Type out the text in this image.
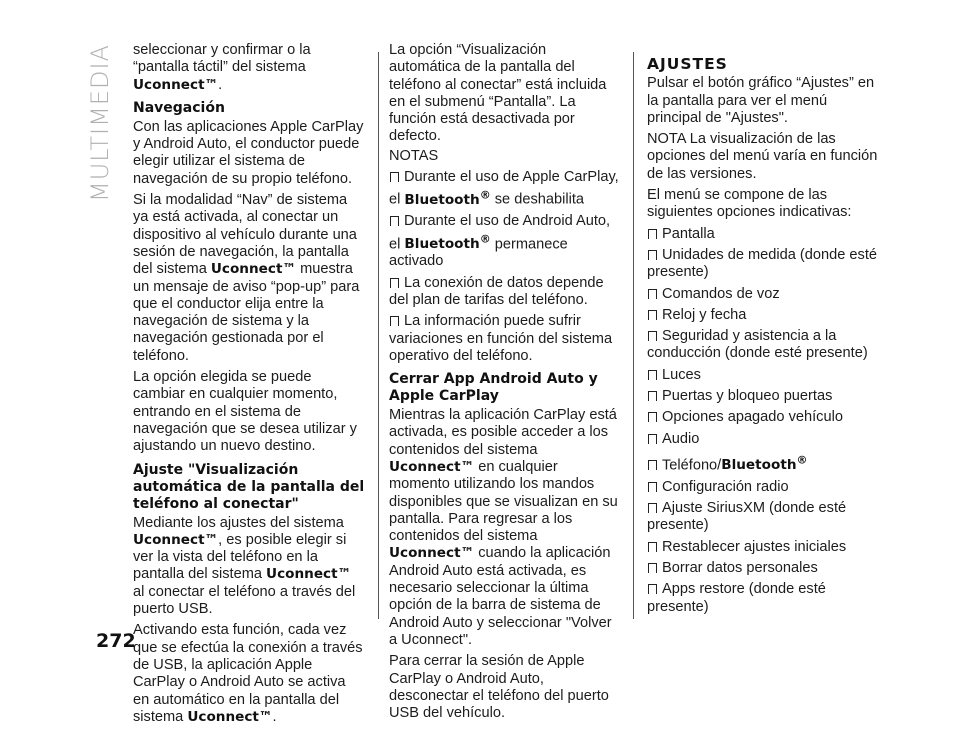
MULTIMEDIA
272

seleccionar y confirmar o la “pantalla táctil” del sistema Uconnect™.

Navegación

Con las aplicaciones Apple CarPlay y Android Auto, el conductor puede elegir utilizar el sistema de navegación de su propio teléfono.

Si la modalidad “Nav” de sistema ya está activada, al conectar un dispositivo al vehículo durante una sesión de navegación, la pantalla del sistema Uconnect™ muestra un mensaje de aviso “pop-up” para que el conductor elija entre la navegación de sistema y la navegación gestionada por el teléfono.

La opción elegida se puede cambiar en cualquier momento, entrando en el sistema de navegación que se desea utilizar y ajustando un nuevo destino.

Ajuste "Visualización automática de la pantalla del teléfono al conectar"

Mediante los ajustes del sistema Uconnect™, es posible elegir si ver la vista del teléfono en la pantalla del sistema Uconnect™ al conectar el teléfono a través del puerto USB.

Activando esta función, cada vez que se efectúa la conexión a través de USB, la aplicación Apple CarPlay o Android Auto se activa en automático en la pantalla del sistema Uconnect™.

La opción “Visualización automática de la pantalla del teléfono al conectar” está incluida en el submenú “Pantalla”. La función está desactivada por defecto.

NOTAS

Durante el uso de Apple CarPlay, el Bluetooth® se deshabilita

Durante el uso de Android Auto, el Bluetooth® permanece activado

La conexión de datos depende del plan de tarifas del teléfono.

La información puede sufrir variaciones en función del sistema operativo del teléfono.

Cerrar App Android Auto y Apple CarPlay

Mientras la aplicación CarPlay está activada, es posible acceder a los contenidos del sistema Uconnect™ en cualquier momento utilizando los mandos disponibles que se visualizan en su pantalla. Para regresar a los contenidos del sistema Uconnect™ cuando la aplicación Android Auto está activada, es necesario seleccionar la última opción de la barra de sistema de Android Auto y seleccionar "Volver a Uconnect".

Para cerrar la sesión de Apple CarPlay o Android Auto, desconectar el teléfono del puerto USB del vehículo.

AJUSTES

Pulsar el botón gráfico “Ajustes” en la pantalla para ver el menú principal de "Ajustes".

NOTA La visualización de las opciones del menú varía en función de las versiones.

El menú se compone de las siguientes opciones indicativas:

Pantalla

Unidades de medida (donde esté presente)

Comandos de voz

Reloj y fecha

Seguridad y asistencia a la conducción (donde esté presente)

Luces

Puertas y bloqueo puertas

Opciones apagado vehículo

Audio

Teléfono/Bluetooth®

Configuración radio

Ajuste SiriusXM (donde esté presente)

Restablecer ajustes iniciales

Borrar datos personales

Apps restore (donde esté presente)
